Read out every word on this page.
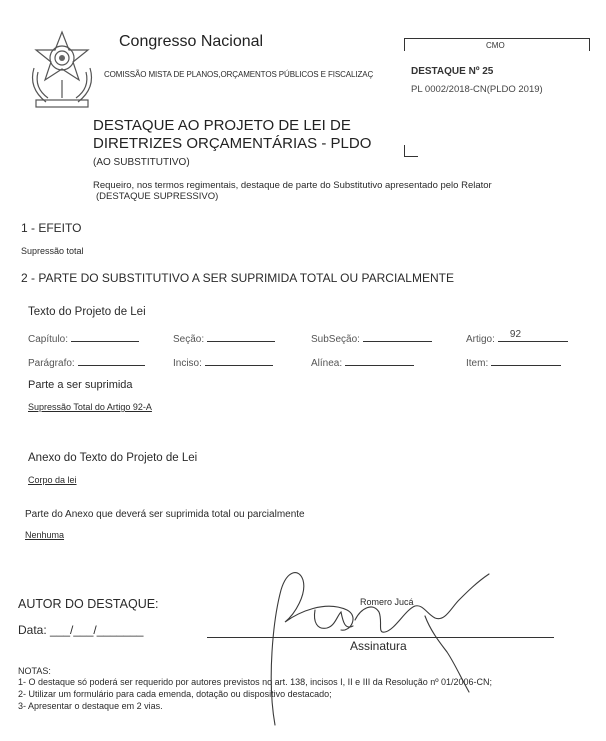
Congresso Nacional
COMISSÃO MISTA DE PLANOS,ORÇAMENTOS PÚBLICOS E FISCALIZAÇ
CMO
DESTAQUE Nº 25
PL 0002/2018-CN(PLDO 2019)
DESTAQUE AO PROJETO DE LEI DE
DIRETRIZES ORÇAMENTÁRIAS - PLDO
(AO SUBSTITUTIVO)
Requeiro, nos termos regimentais, destaque de parte do Substitutivo apresentado pelo Relator
(DESTAQUE SUPRESSIVO)
1 - EFEITO
Supressão total
2 - PARTE DO SUBSTITUTIVO A SER SUPRIMIDA TOTAL OU PARCIALMENTE
Texto do Projeto de Lei
Capítulo:	Seção:	SubSeção:	Artigo: 92
Parágrafo:	Inciso:	Alínea:	Item:
Parte a ser suprimida
Supressão Total do Artigo 92-A
Anexo do Texto do Projeto de Lei
Corpo da lei
Parte do Anexo que deverá ser suprimida total ou parcialmente
Nenhuma
AUTOR DO DESTAQUE:
Data: ___/___/_______
Romero Jucá
Assinatura
NOTAS:
1- O destaque só poderá ser requerido por autores previstos no art. 138, incisos I, II e III da Resolução nº 01/2006-CN;
2- Utilizar um formulário para cada emenda, dotação ou dispositivo destacado;
3- Apresentar o destaque em 2 vias.
